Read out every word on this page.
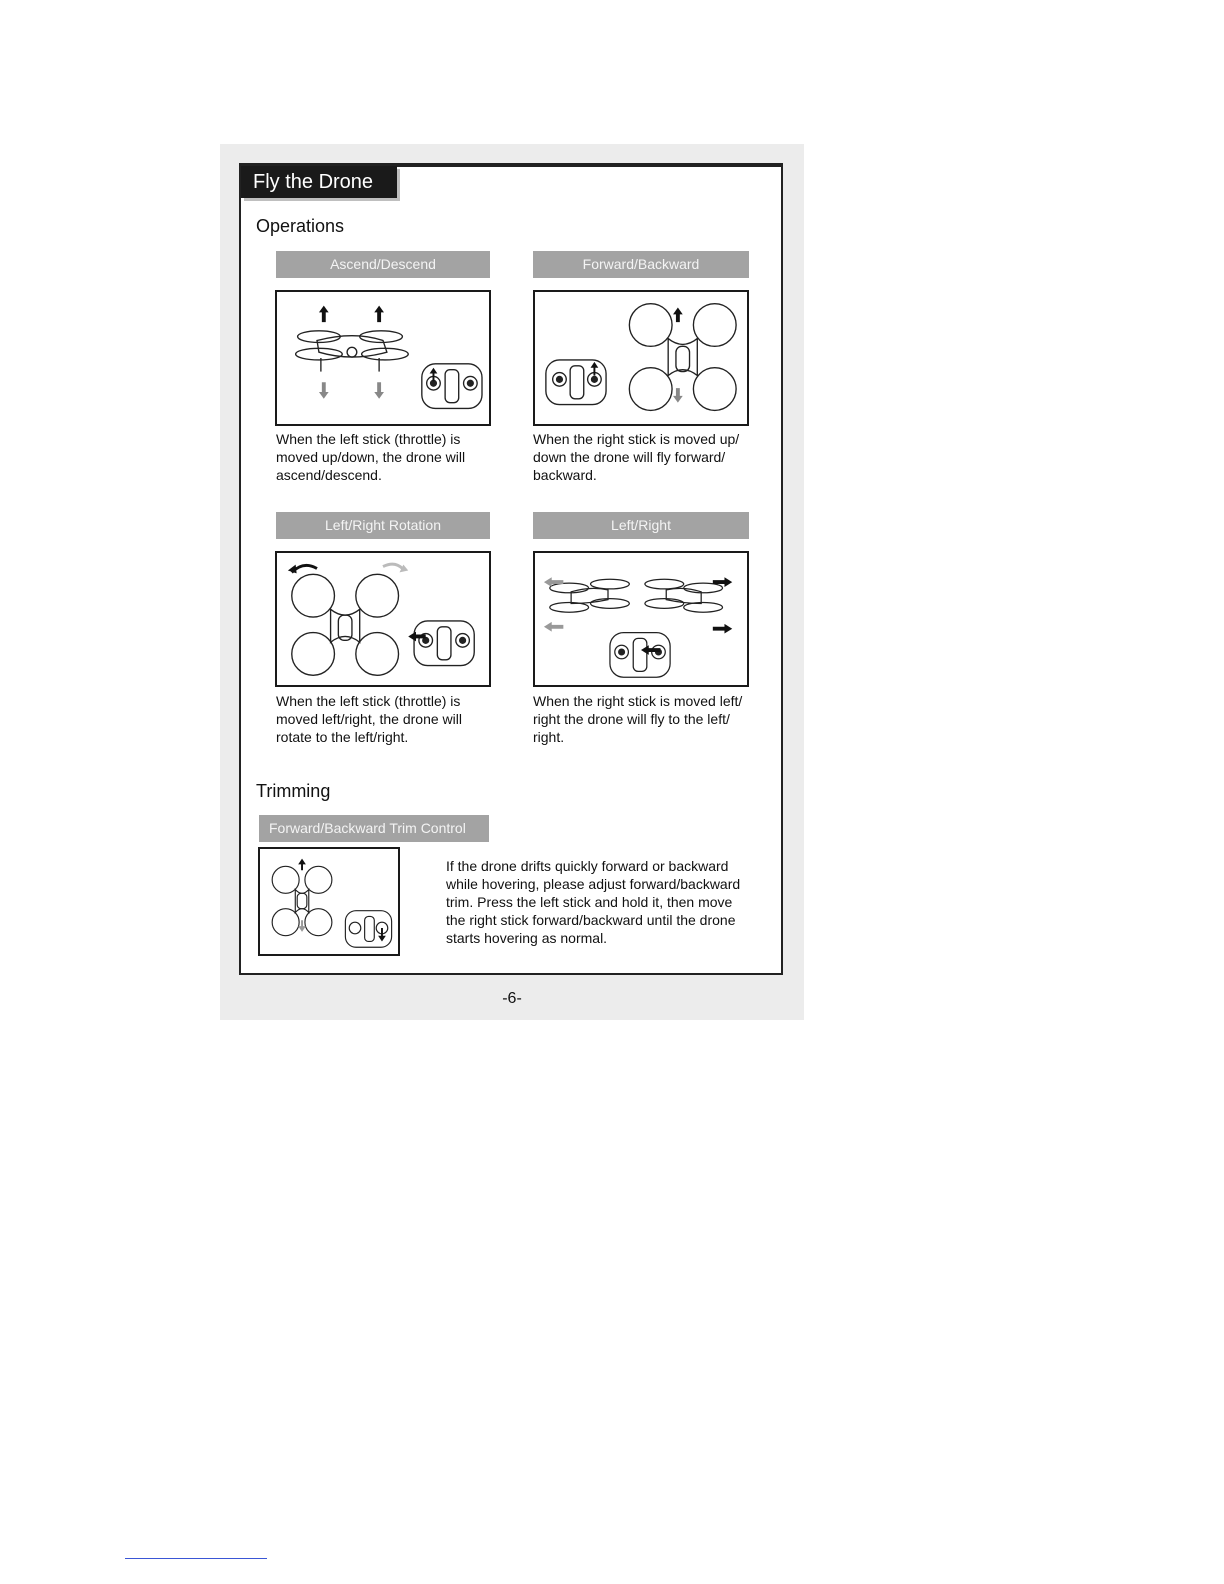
Fly the Drone
Operations
Ascend/Descend
When the left stick (throttle) is
moved up/down, the drone will
ascend/descend.
Forward/Backward
When the right stick is moved up/
down the drone will fly forward/
backward.
Left/Right Rotation
When the left stick (throttle) is
moved left/right, the drone will
rotate to the left/right.
Left/Right
When the right stick is moved left/
right the drone will fly to the left/
right.
Trimming
Forward/Backward Trim Control
If the drone drifts quickly forward or backward
while hovering, please adjust forward/backward
trim. Press the left stick and hold it, then move
the right stick forward/backward until the drone
starts hovering as normal.
-6-
